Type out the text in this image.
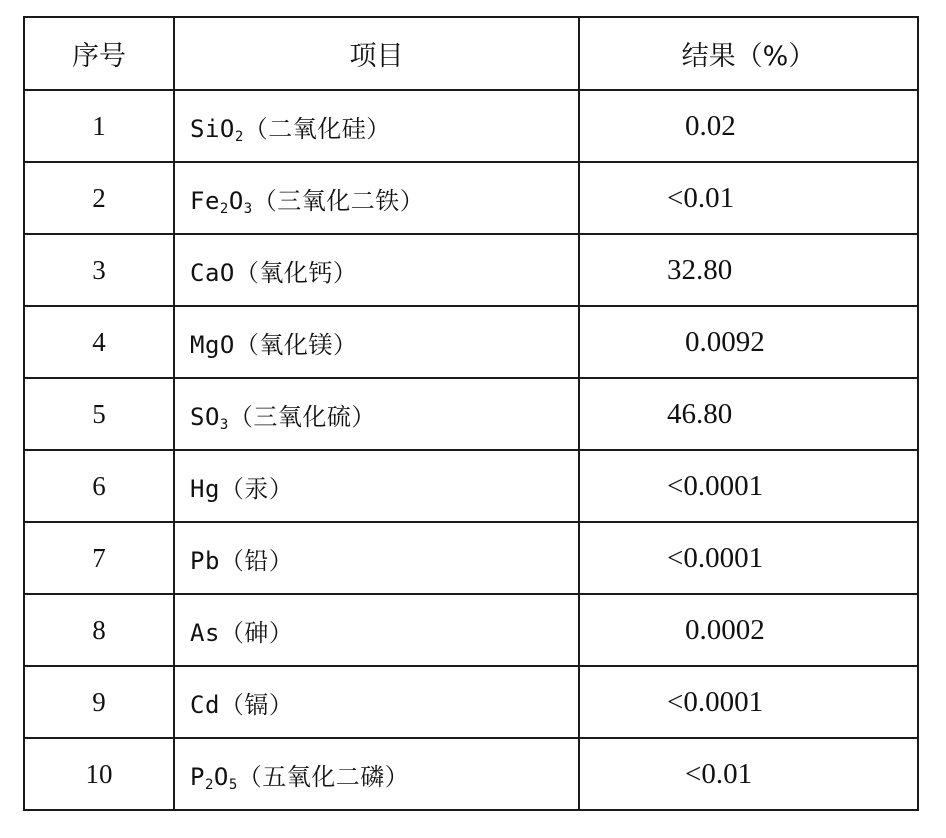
序号	项目	结果（%）
1	SiO$_2$（二氧化硅）	0.02
2	$Fe_2O_3$（三氧化二铁）	<0.01
3	CaO（氧化钙）	32.80
4	MgO（氧化镁）	0.0092
5	$SO_3$（三氧化硫）	46.80
6	Hg（汞）	<0.0001
7	Pb（铅）	<0.0001
8	As（砷）	0.0002
9	Cd（镉）	<0.0001
10	$P_2O_5$（五氧化二磷）	<0.01
